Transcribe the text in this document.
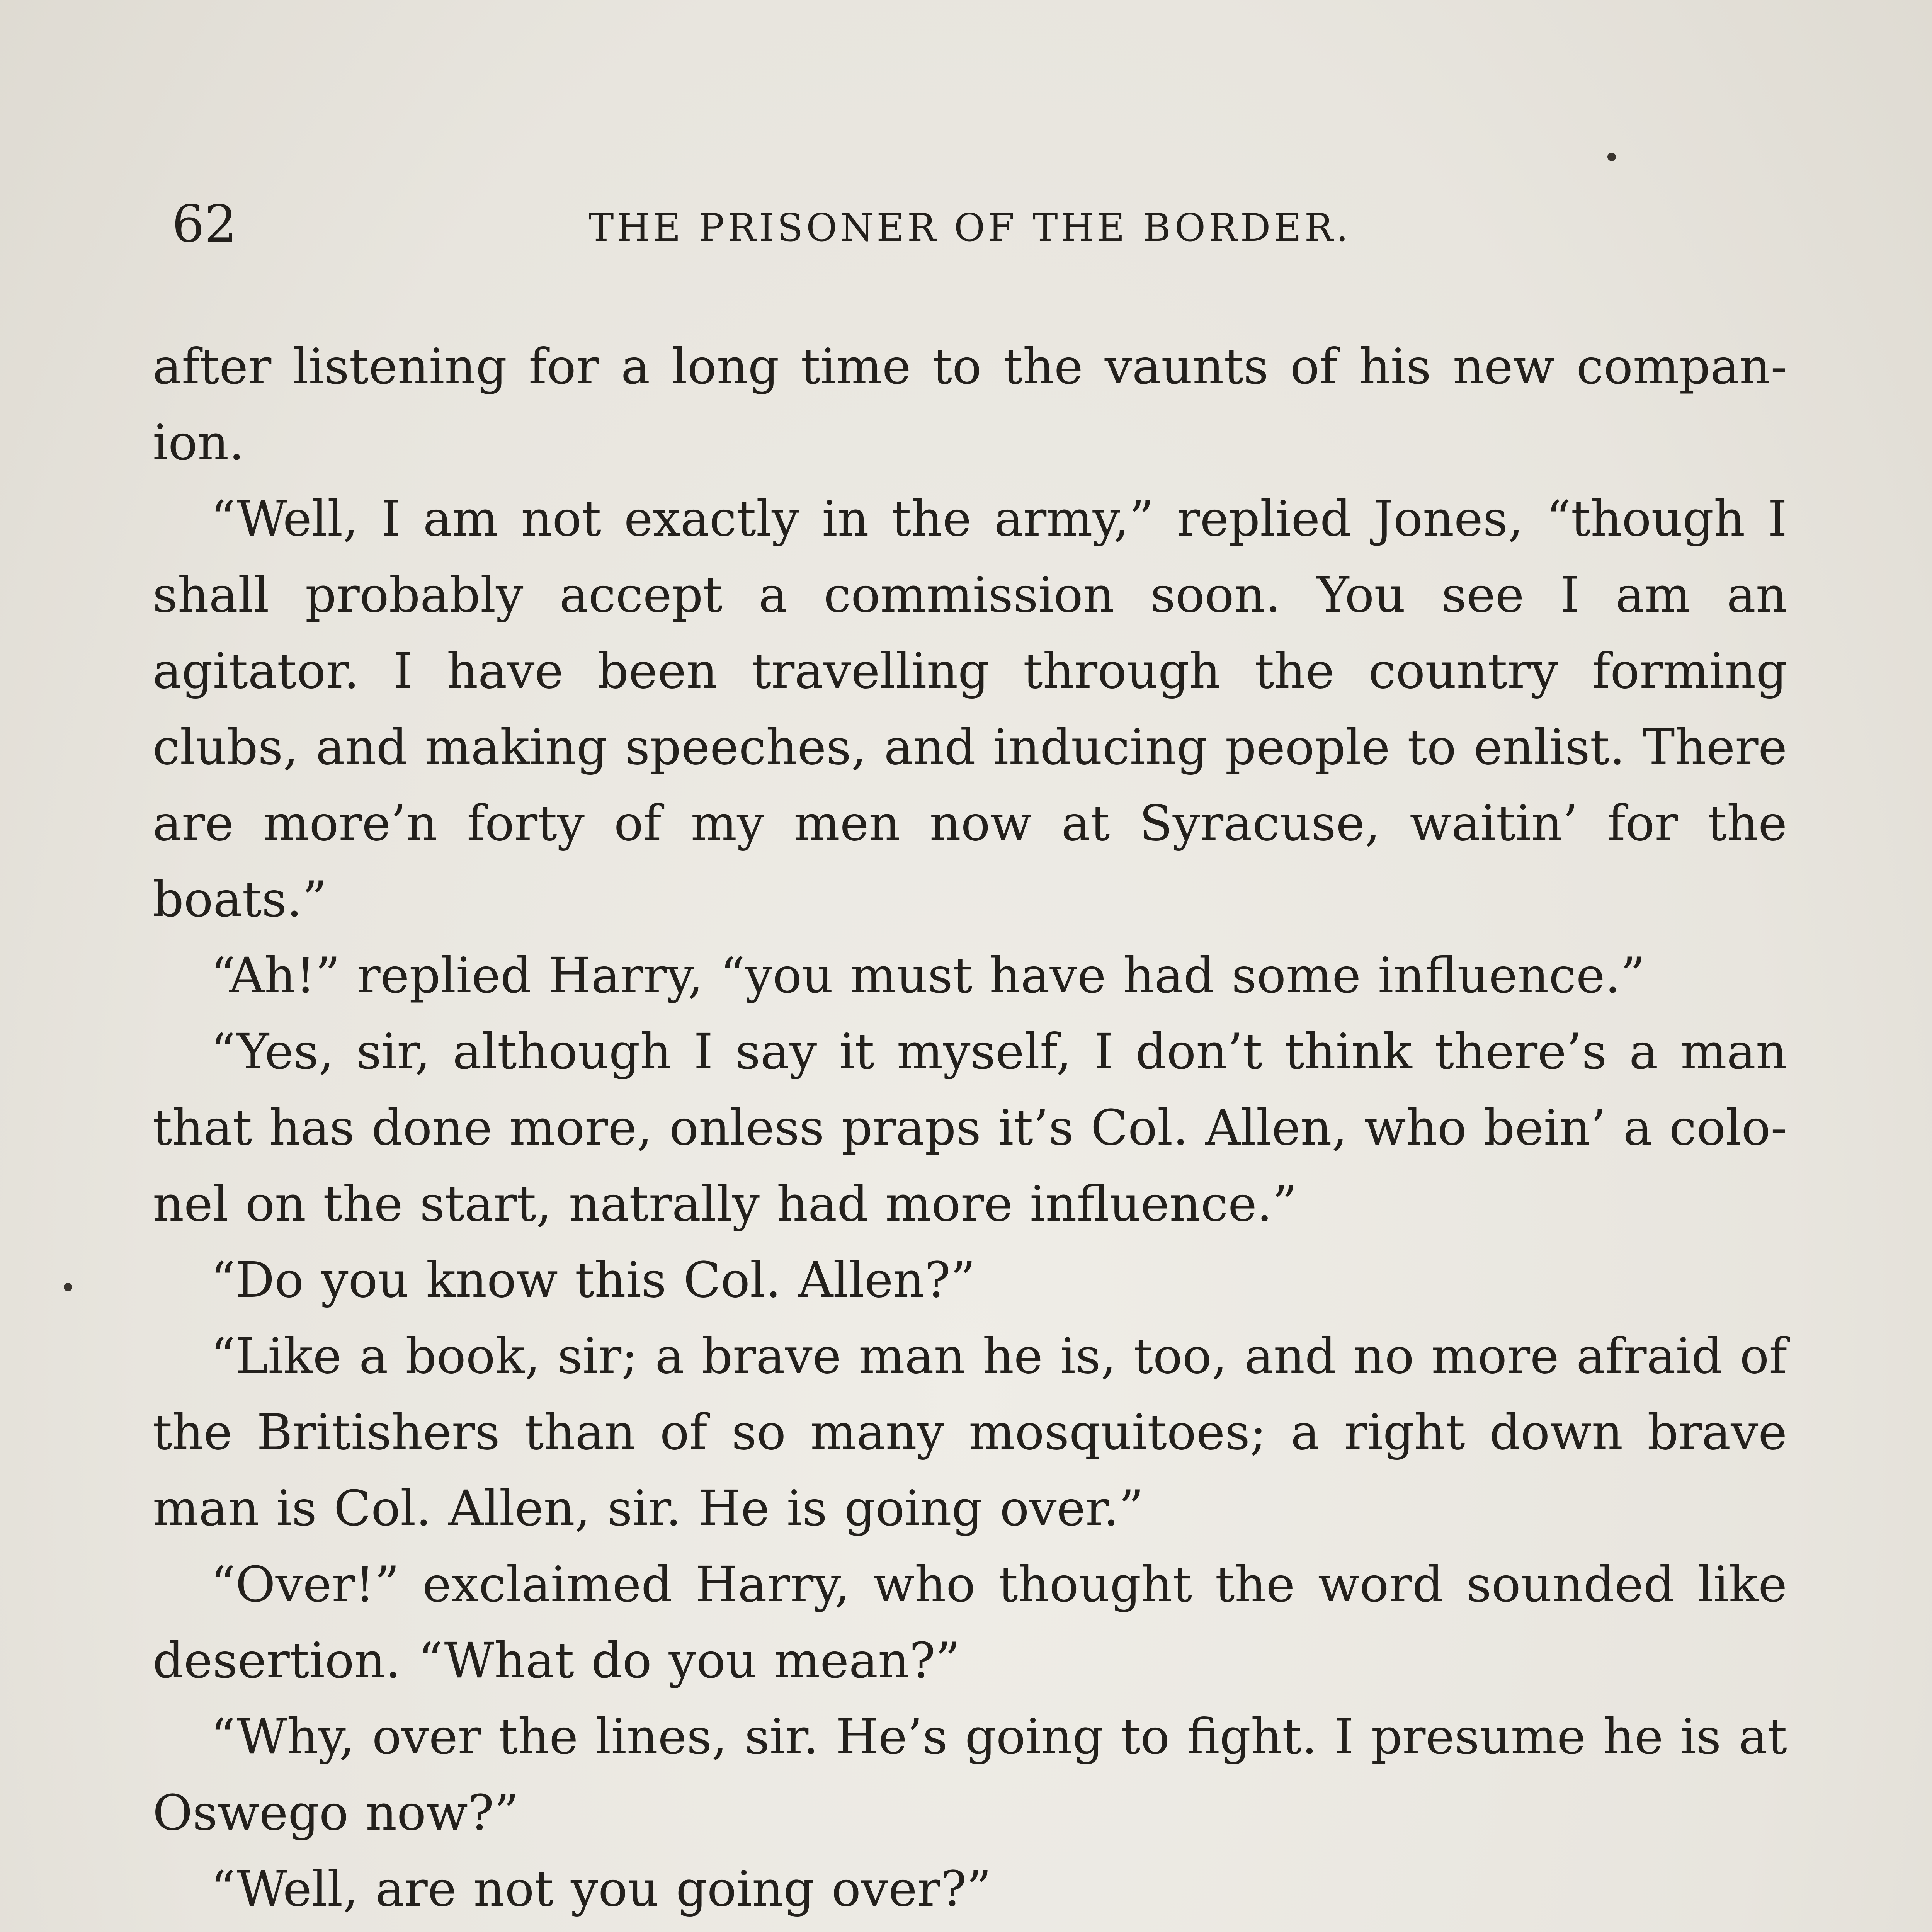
62	THE PRISONER OF THE BORDER.

after listening for a long time to the vaunts of his new companion.

“Well, I am not exactly in the army,” replied Jones, “though I shall probably accept a commission soon. You see I am an agitator. I have been travelling through the country forming clubs, and making speeches, and inducing people to enlist. There are more’n forty of my men now at Syracuse, waitin’ for the boats.”

“Ah!” replied Harry, “you must have had some influence.”

“Yes, sir, although I say it myself, I don’t think there’s a man that has done more, onless praps it’s Col. Allen, who bein’ a colonel on the start, natrally had more influence.”

“Do you know this Col. Allen?”

“Like a book, sir; a brave man he is, too, and no more afraid of the Britishers than of so many mosquitoes; a right down brave man is Col. Allen, sir. He is going over.”

“Over!” exclaimed Harry, who thought the word sounded like desertion. “What do you mean?”

“Why, over the lines, sir. He’s going to fight. I presume he is at Oswego now?”

“Well, are not you going over?”
